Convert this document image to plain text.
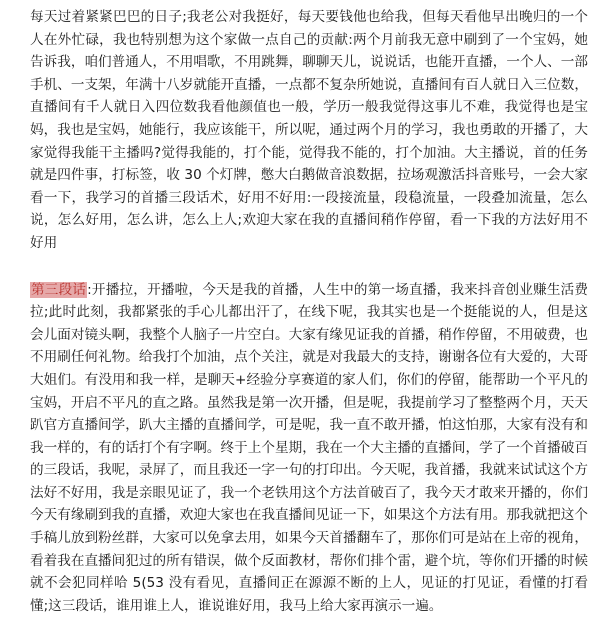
每天过着紧紧巴巴的日子;我老公对我挺好，每天要钱他也给我，但每天看他早出晚归的一个人在外忙碌，我也特别想为这个家做一点自己的贡献:两个月前我无意中刷到了一个宝妈，她告诉我，咱们普通人，不用唱歌，不用跳舞，聊聊天儿，说说话，也能开直播，一个人、一部手机、一支架，年满十八岁就能开直播，一点都不复杂所她说，直播间有百人就日入三位数，直播间有千人就日入四位数我看他颜值也一般，学历一般我觉得这事儿不难，我觉得也是宝妈，我也是宝妈，她能行，我应该能干，所以呢，通过两个月的学习，我也勇敢的开播了，大家觉得我能干主播吗?觉得我能的，打个能，觉得我不能的，打个加油。大主播说，首的任务就是四件事，打标签，收 30 个灯牌，憋大白鹅做音浪数据，拉场观激活抖音账号，一会大家看一下，我学习的首播三段话术，好用不好用:一段接流量，段稳流量，一段叠加流量，怎么说，怎么好用，怎么讲，怎么上人;欢迎大家在我的直播间稍作停留，看一下我的方法好用不好用

第三段话:开播拉，开播啦，今天是我的首播，人生中的第一场直播，我来抖音创业赚生活费拉;此时此刻，我都紧张的手心儿都出汗了，在线下呢，我其实也是一个挺能说的人，但是这会儿面对镜头啊，我整个人脑子一片空白。大家有缘见证我的首播，稍作停留，不用破费，也不用刷任何礼物。给我打个加油，点个关注，就是对我最大的支持，谢谢各位有大爱的，大哥大姐们。有没用和我一样，是聊天+经验分享赛道的家人们，你们的停留，能帮助一个平凡的宝妈，开启不平凡的直之路。虽然我是第一次开播，但是呢，我提前学习了整整两个月，天天趴官方直播间学，趴大主播的直播间学，可是呢，我一直不敢开播，怕这怕那，大家有没有和我一样的，有的话打个有字啊。终于上个星期，我在一个大主播的直播间，学了一个首播破百的三段话，我呢，录屏了，而且我还一字一句的打印出。今天呢，我首播，我就来试试这个方法好不好用，我是亲眼见证了，我一个老铁用这个方法首破百了，我今天才敢来开播的，你们今天有缘刷到我的直播，欢迎大家也在我直播间见证一下，如果这个方法有用。那我就把这个手稿儿放到粉丝群，大家可以免拿去用，如果今天首播翻车了，那你们可是站在上帝的视角，看着我在直播间犯过的所有错误，做个反面教材，帮你们排个雷，避个坑，等你们开播的时候就不会犯同样哈 5(53 没有看见，直播间正在源源不断的上人，见证的打见证，看懂的打看懂;这三段话，谁用谁上人，谁说谁好用，我马上给大家再演示一遍。
